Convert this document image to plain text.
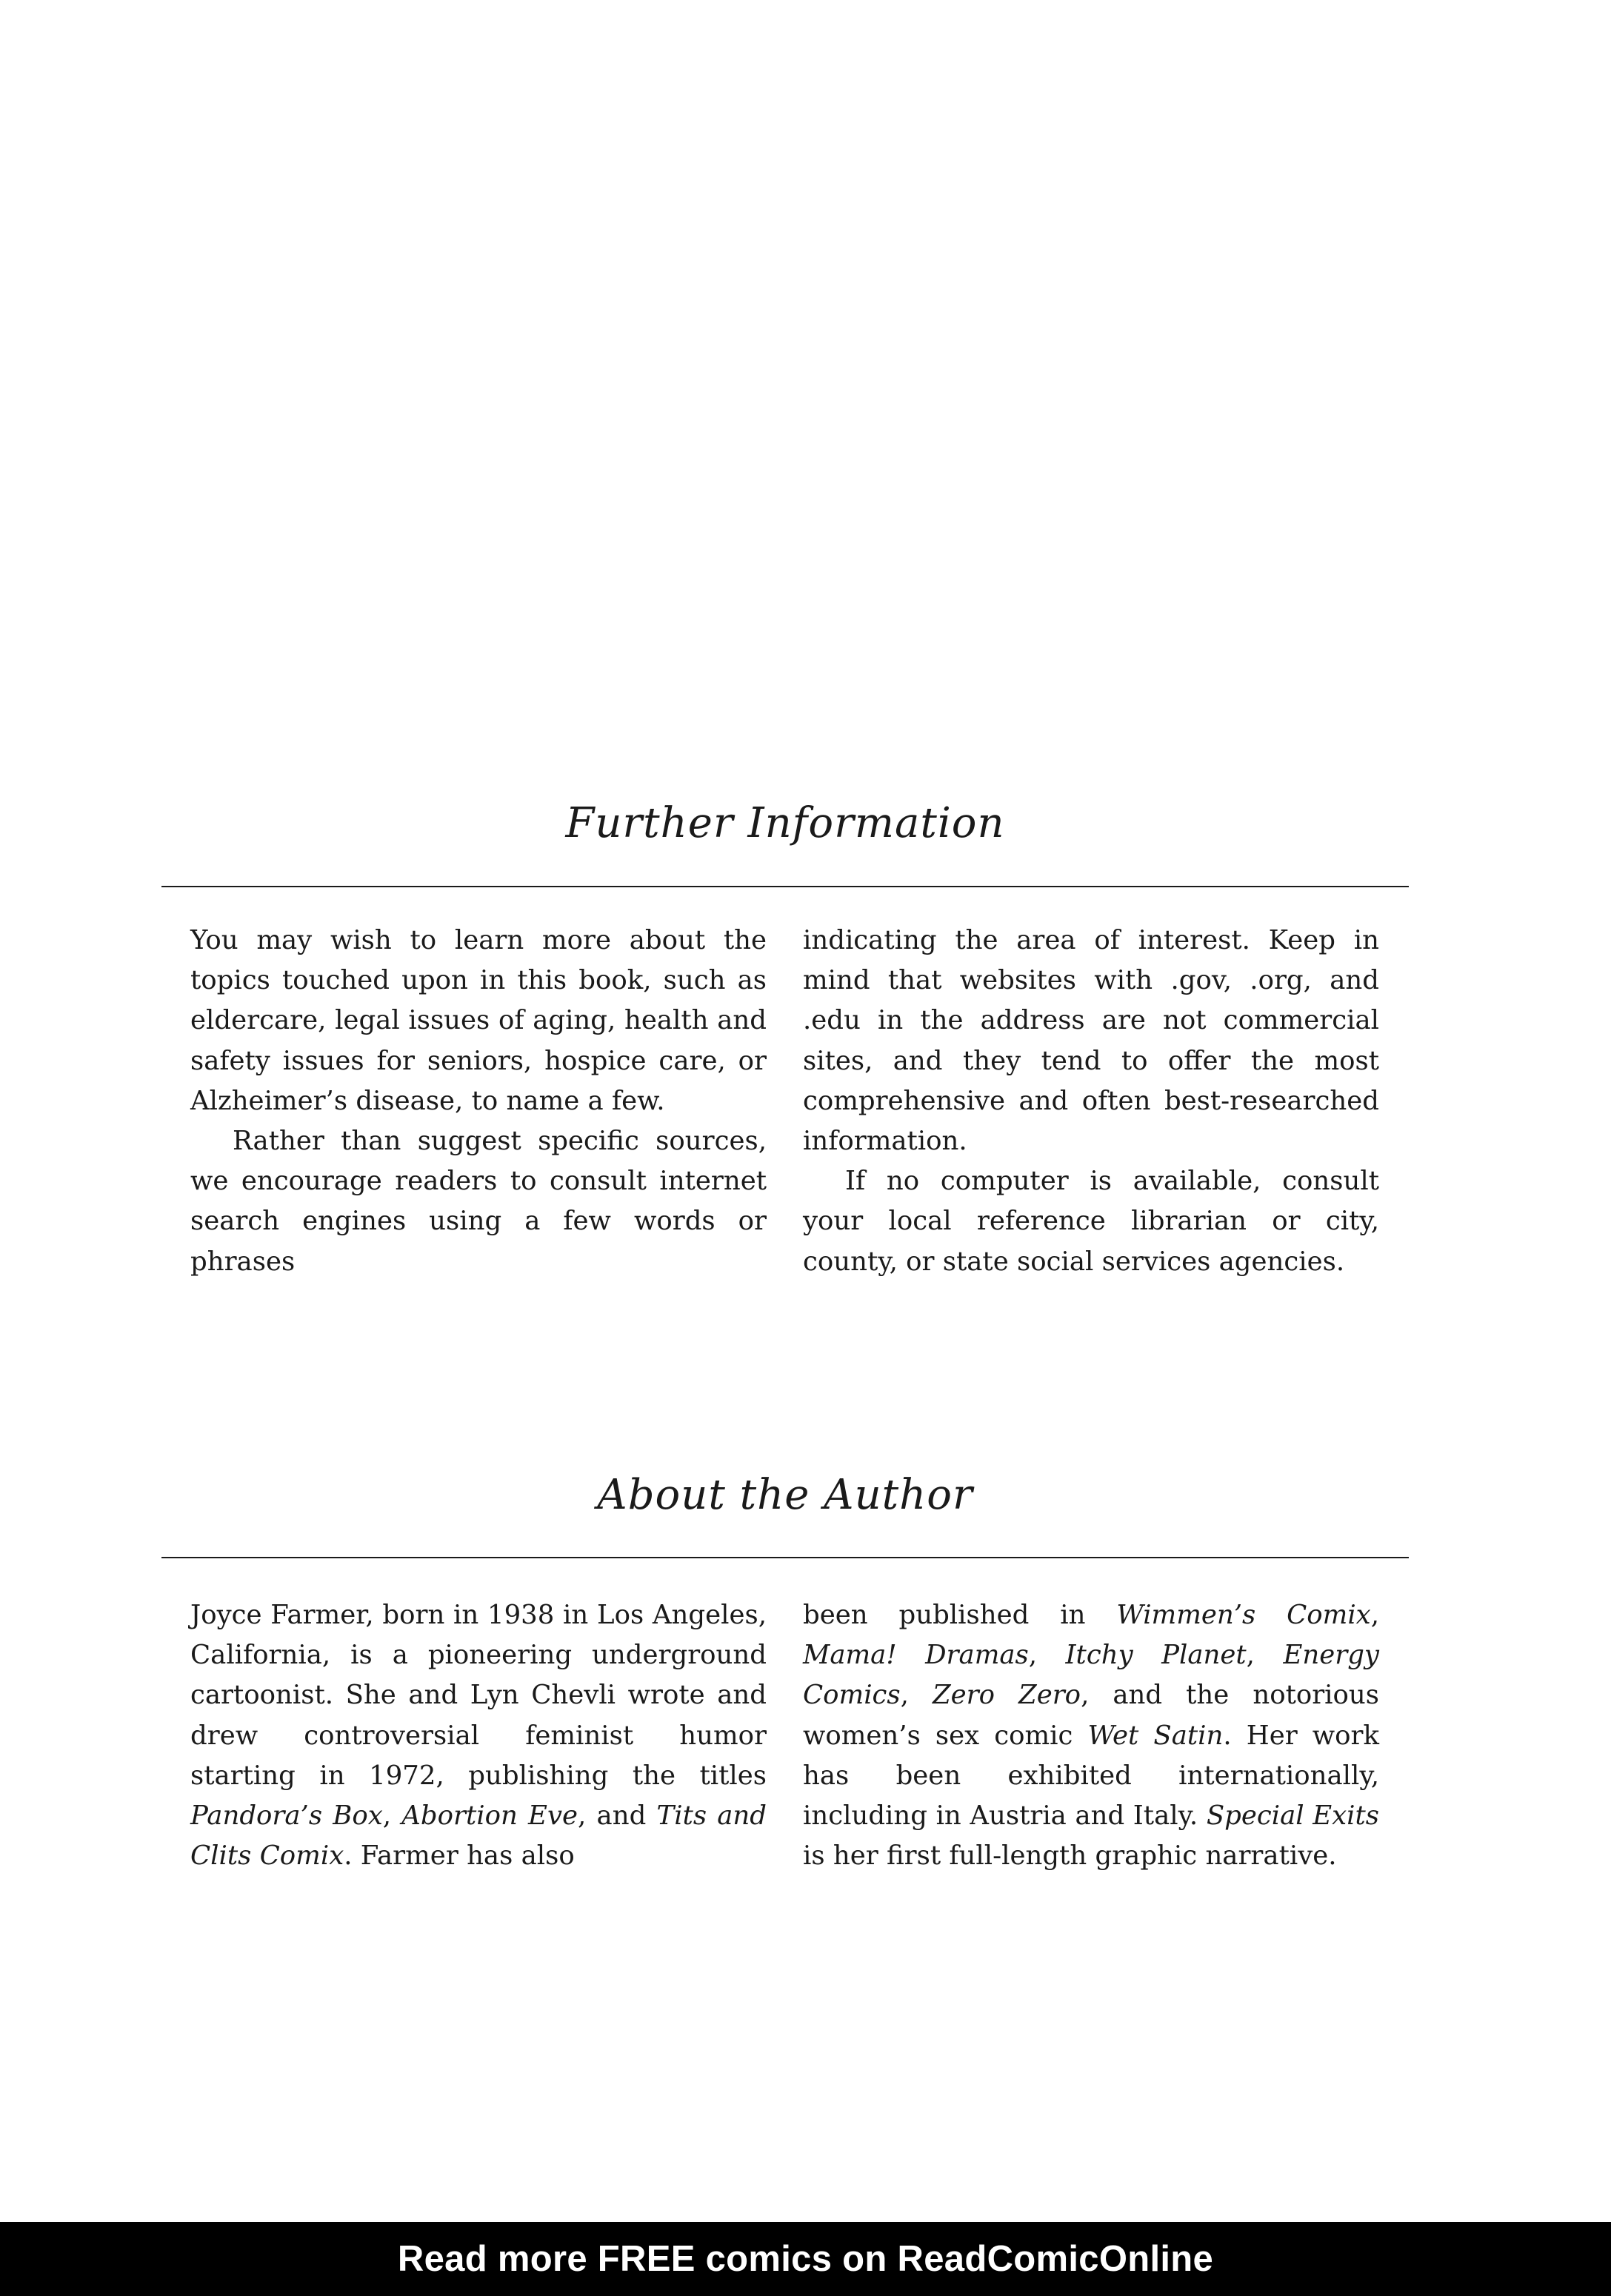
Further Information

You may wish to learn more about the topics touched upon in this book, such as eldercare, legal issues of aging, health and safety issues for seniors, hospice care, or Alzheimer’s disease, to name a few.

Rather than suggest specific sources, we encourage readers to consult internet search engines using a few words or phrases

indicating the area of interest. Keep in mind that websites with .gov, .org, and .edu in the address are not commercial sites, and they tend to offer the most comprehensive and often best-researched information.

If no computer is available, consult your local reference librarian or city, county, or state social services agencies.

About the Author

Joyce Farmer, born in 1938 in Los Angeles, California, is a pioneering underground cartoonist. She and Lyn Chevli wrote and drew controversial feminist humor starting in 1972, publishing the titles Pandora’s Box, Abortion Eve, and Tits and Clits Comix. Farmer has also

been published in Wimmen’s Comix, Mama! Dramas, Itchy Planet, Energy Comics, Zero Zero, and the notorious women’s sex comic Wet Satin. Her work has been exhibited internationally, including in Austria and Italy. Special Exits is her first full-length graphic narrative.

Read more FREE comics on ReadComicOnline
